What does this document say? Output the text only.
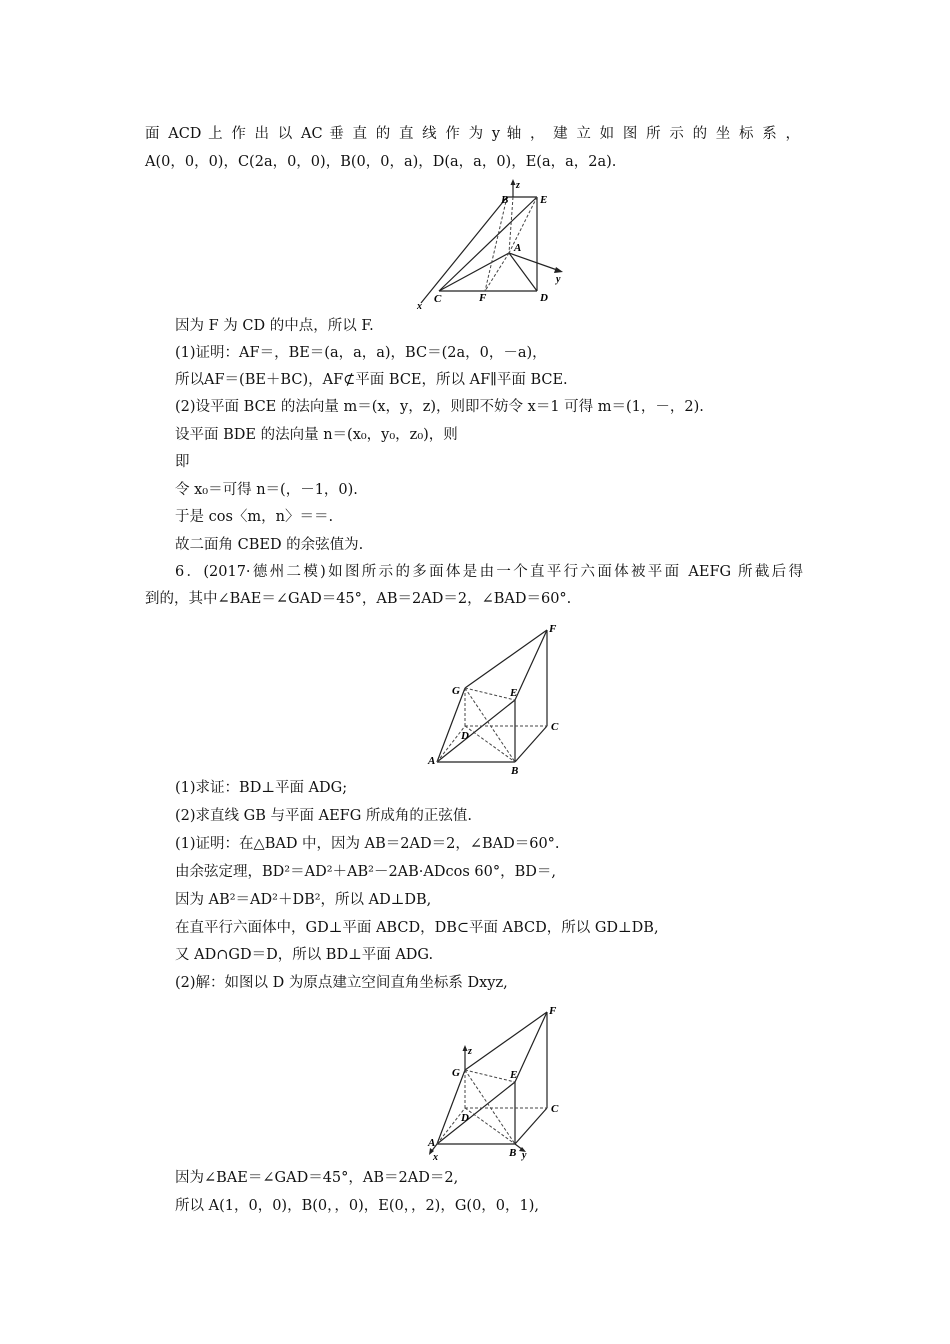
面 ACD 上 作 出 以 AC 垂 直 的 直 线 作 为 y 轴 ， 建 立 如 图 所 示 的 坐 标 系 ，
A(0，0，0)，C(2a，0，0)，B(0，0，a)，D(a，a，0)，E(a，a，2a).
B	E
A
C	F	D
x
y
z
因为 F 为 CD 的中点，所以 F.
(1)证明：AF＝，BE＝(a，a，a)，BC＝(2a，0，－a)，
所以AF＝(BE＋BC)，AF⊄平面 BCE，所以 AF∥平面 BCE.
(2)设平面 BCE 的法向量 m＝(x，y，z)，则即不妨令 x＝1 可得 m＝(1，－，2).
设平面 BDE 的法向量 n＝(x₀，y₀，z₀)，则
即
令 x₀＝可得 n＝(，－1，0).
于是 cos〈m，n〉＝＝.
故二面角 CBED 的余弦值为.
6．(2017·德州二模)如图所示的多面体是由一个直平行六面体被平面 AEFG 所截后得
到的，其中∠BAE＝∠GAD＝45°，AB＝2AD＝2，∠BAD＝60°.
F
G	E
C
D
A
B
(1)求证：BD⊥平面 ADG;
(2)求直线 GB 与平面 AEFG 所成角的正弦值.
(1)证明：在△BAD 中，因为 AB＝2AD＝2，∠BAD＝60°.
由余弦定理，BD²＝AD²＋AB²－2AB·ADcos 60°，BD＝,
因为 AB²＝AD²＋DB²，所以 AD⊥DB,
在直平行六面体中，GD⊥平面 ABCD，DB⊂平面 ABCD，所以 GD⊥DB,
又 AD∩GD＝D，所以 BD⊥平面 ADG.
(2)解：如图以 D 为原点建立空间直角坐标系 Dxyz,
F
G	E
C
D
A
B
z
x	y
因为∠BAE＝∠GAD＝45°，AB＝2AD＝2,
所以 A(1，0，0)，B(0，，0)，E(0，，2)，G(0，0，1),
